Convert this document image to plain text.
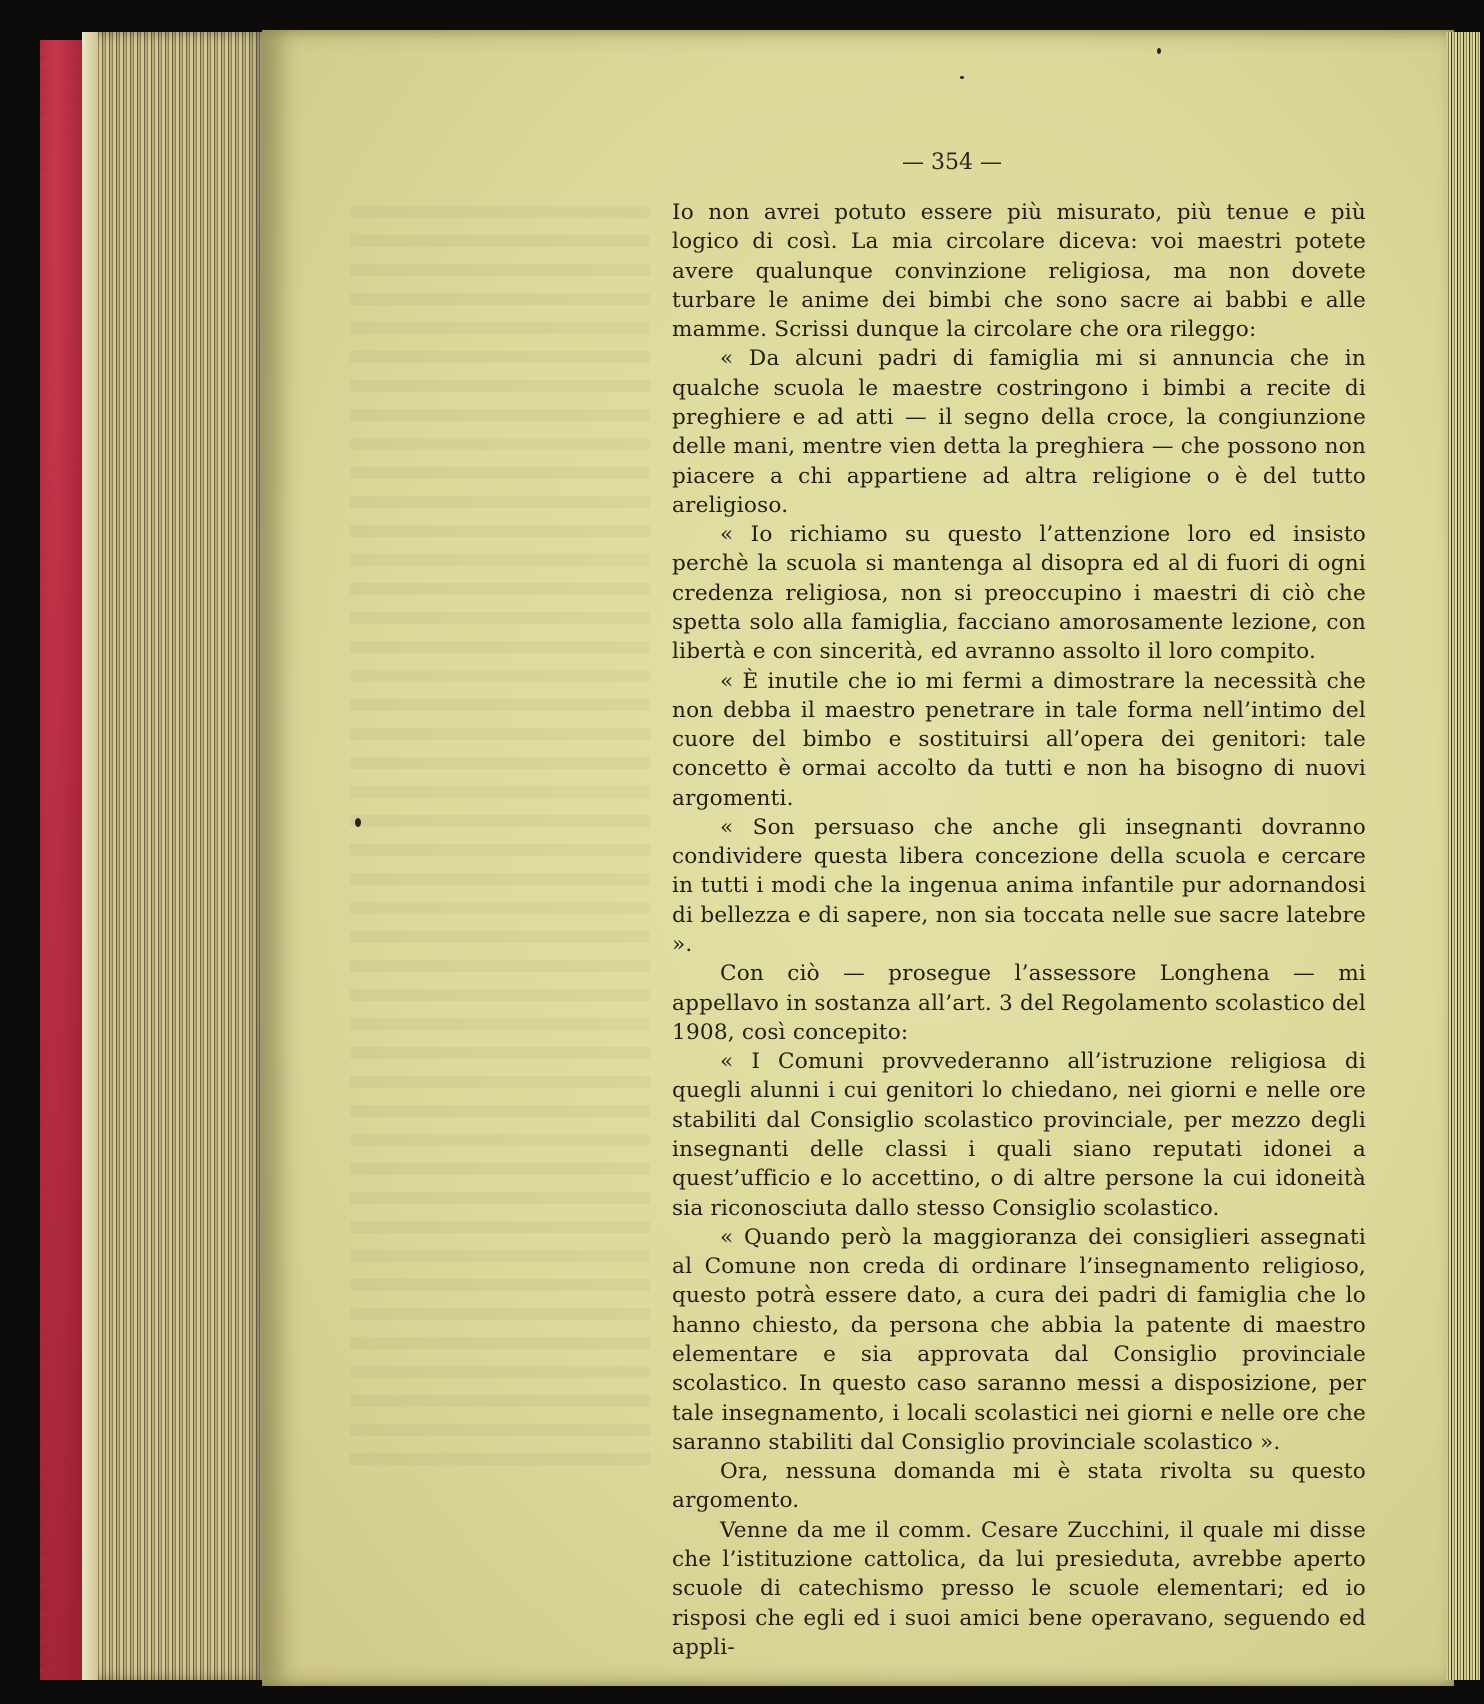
— 354 —

Io non avrei potuto essere più misurato, più tenue e più logico di così. La mia circolare diceva: voi maestri potete avere qualunque convinzione religiosa, ma non dovete turbare le anime dei bimbi che sono sacre ai babbi e alle mamme. Scrissi dunque la circolare che ora rileggo:

« Da alcuni padri di famiglia mi si annuncia che in qualche scuola le maestre costringono i bimbi a recite di preghiere e ad atti — il segno della croce, la congiunzione delle mani, mentre vien detta la preghiera — che possono non piacere a chi appartiene ad altra religione o è del tutto areligioso.

« Io richiamo su questo l’attenzione loro ed insisto perchè la scuola si mantenga al disopra ed al di fuori di ogni credenza religiosa, non si preoccupino i maestri di ciò che spetta solo alla famiglia, facciano amorosamente lezione, con libertà e con sincerità, ed avranno assolto il loro compito.

« È inutile che io mi fermi a dimostrare la necessità che non debba il maestro penetrare in tale forma nell’intimo del cuore del bimbo e sostituirsi all’opera dei genitori: tale concetto è ormai accolto da tutti e non ha bisogno di nuovi argomenti.

« Son persuaso che anche gli insegnanti dovranno condividere questa libera concezione della scuola e cercare in tutti i modi che la ingenua anima infantile pur adornandosi di bellezza e di sapere, non sia toccata nelle sue sacre latebre ».

Con ciò — prosegue l’assessore Longhena — mi appellavo in sostanza all’art. 3 del Regolamento scolastico del 1908, così concepito:

« I Comuni provvederanno all’istruzione religiosa di quegli alunni i cui genitori lo chiedano, nei giorni e nelle ore stabiliti dal Consiglio scolastico provinciale, per mezzo degli insegnanti delle classi i quali siano reputati idonei a quest’ufficio e lo accettino, o di altre persone la cui idoneità sia riconosciuta dallo stesso Consiglio scolastico.

« Quando però la maggioranza dei consiglieri assegnati al Comune non creda di ordinare l’insegnamento religioso, questo potrà essere dato, a cura dei padri di famiglia che lo hanno chiesto, da persona che abbia la patente di maestro elementare e sia approvata dal Consiglio provinciale scolastico. In questo caso saranno messi a disposizione, per tale insegnamento, i locali scolastici nei giorni e nelle ore che saranno stabiliti dal Consiglio provinciale scolastico ».

Ora, nessuna domanda mi è stata rivolta su questo argomento.

Venne da me il comm. Cesare Zucchini, il quale mi disse che l’istituzione cattolica, da lui presieduta, avrebbe aperto scuole di catechismo presso le scuole elementari; ed io risposi che egli ed i suoi amici bene operavano, seguendo ed appli-
